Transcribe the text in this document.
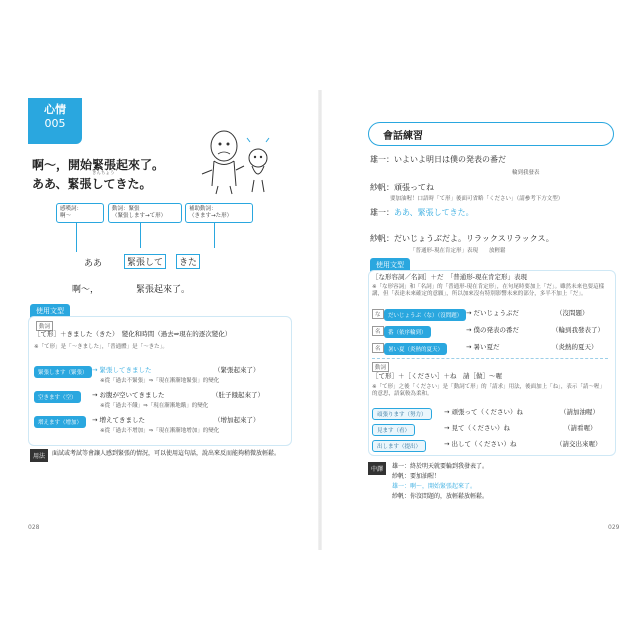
心情
005
啊～，開始緊張起來了。
きんちょう
ああ、緊張してきた。
感嘆詞：
啊～
動詞：緊張
（緊張します→て形）
補助動詞：
（きます→た形）
ああ	緊張して	きた
啊～，	緊張起來了。
使用文型
動詞
［て形］＋きました（きた）　變化和時間（過去⇒現在的逐次變化）
※「て形」是「～きました」，「普通體」是「～きた」。
緊張します（緊張） → 緊張してきました	（緊張起來了）
※從「過去不緊張」⇒「現在漸漸地緊張」的變化
空きます（空）	→ お腹が空いてきました	（肚子餓起來了）
※從「過去不餓」⇒「現在漸漸地餓」的變化
増えます（增加）	→ 増えてきました	（增加起來了）
※從「過去不增加」⇒「現在漸漸地增加」的變化
用法	面試或考試等會讓人感到緊張的情況，可以使用這句話，說出來反而能夠稍微放輕鬆。
028
會話練習
雄一：いよいよ明日は僕の発表の番だ
輪到我發表
紗帆：頑張ってね
要加油喔！口語時「て形」後面可省略「ください」（請參考下方文型）
雄一：ああ、緊張してきた。
紗帆：だいじょうぶだよ。リラックスリラックス。
「普通形-現在肯定形」表現　　放輕鬆
使用文型
［な形容詞／名詞］＋だ　「普通形-現在肯定形」表現
※「な形容詞」和「名詞」的「普通形-現在肯定形」，在句尾時要加上「だ」。雖然未來也要這樣講，但「表達未來確定的意願」，所以加來沒有特別影響未來的部分，多半不加上「だ」。
な	だいじょうぶ（な）（沒問題） → だいじょうぶだ	（沒問題）
名	番（依序輪到）	→ 僕の発表の番だ	（輪到我發表了）
名	暑い夏（炎熱的夏天）	→ 暑い夏だ	（炎熱的夏天）
動詞
［て形］＋［ください］＋ね　請［做］～喔
※「て形」之後「ください」是「動詞て形」的「請求」用法，後面加上「ね」，表示「請～喔」的意思，語氣較為柔和。
頑張ります（努力）	→ 頑張って（ください）ね	（請加油喔）
見ます（看）	→ 見て（ください）ね	（請看喔）
出します（提出）	→ 出して（ください）ね	（請交出來喔）
中譯	雄一：終於明天就要輪到我發表了。
紗帆：要加油喔！
雄一：啊～，開始緊張起來了。
紗帆：你沒問題的，放輕鬆放輕鬆。
029
